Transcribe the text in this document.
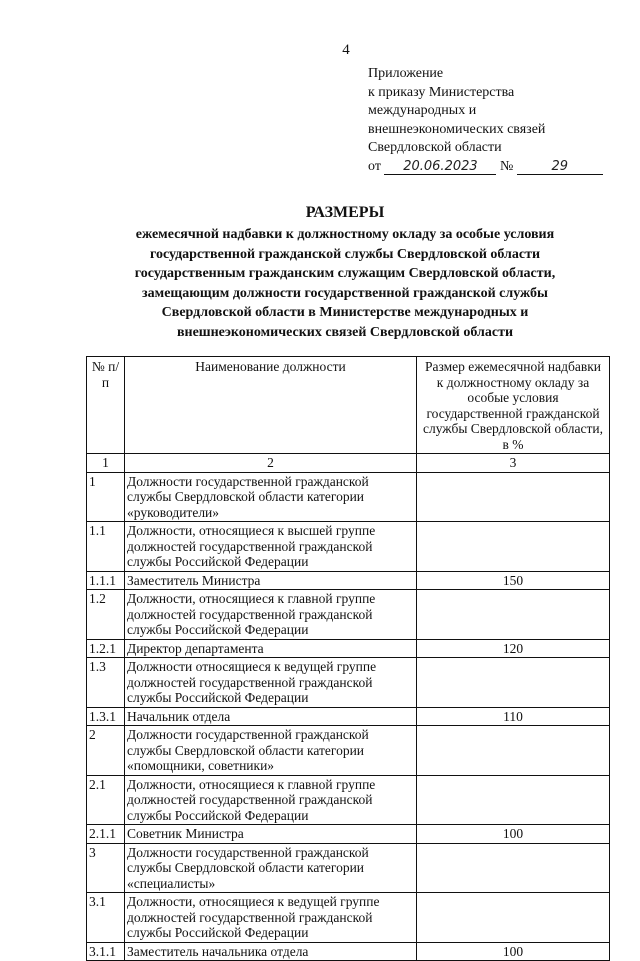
4
Приложение
к приказу Министерства
международных и
внешнеэкономических связей
Свердловской области
от 20.06.2023 №	29
РАЗМЕРЫ
ежемесячной надбавки к должностному окладу за особые условия
государственной гражданской службы Свердловской области
государственным гражданским служащим Свердловской области,
замещающим должности государственной гражданской службы
Свердловской области в Министерстве международных и
внешнеэкономических связей Свердловской области
№ п/п	Наименование должности	Размер ежемесячной надбавки к должностному окладу за особые условия государственной гражданской службы Свердловской области, в %
1	2	3
1	Должности государственной гражданской службы Свердловской области категории «руководители»	
1.1	Должности, относящиеся к высшей группе должностей государственной гражданской службы Российской Федерации	
1.1.1	Заместитель Министра	150
1.2	Должности, относящиеся к главной группе должностей государственной гражданской службы Российской Федерации	
1.2.1	Директор департамента	120
1.3	Должности относящиеся к ведущей группе должностей государственной гражданской службы Российской Федерации	
1.3.1	Начальник отдела	110
2	Должности государственной гражданской службы Свердловской области категории «помощники, советники»	
2.1	Должности, относящиеся к главной группе должностей государственной гражданской службы Российской Федерации	
2.1.1	Советник Министра	100
3	Должности государственной гражданской службы Свердловской области категории «специалисты»	
3.1	Должности, относящиеся к ведущей группе должностей государственной гражданской службы Российской Федерации	
3.1.1	Заместитель начальника отдела	100
